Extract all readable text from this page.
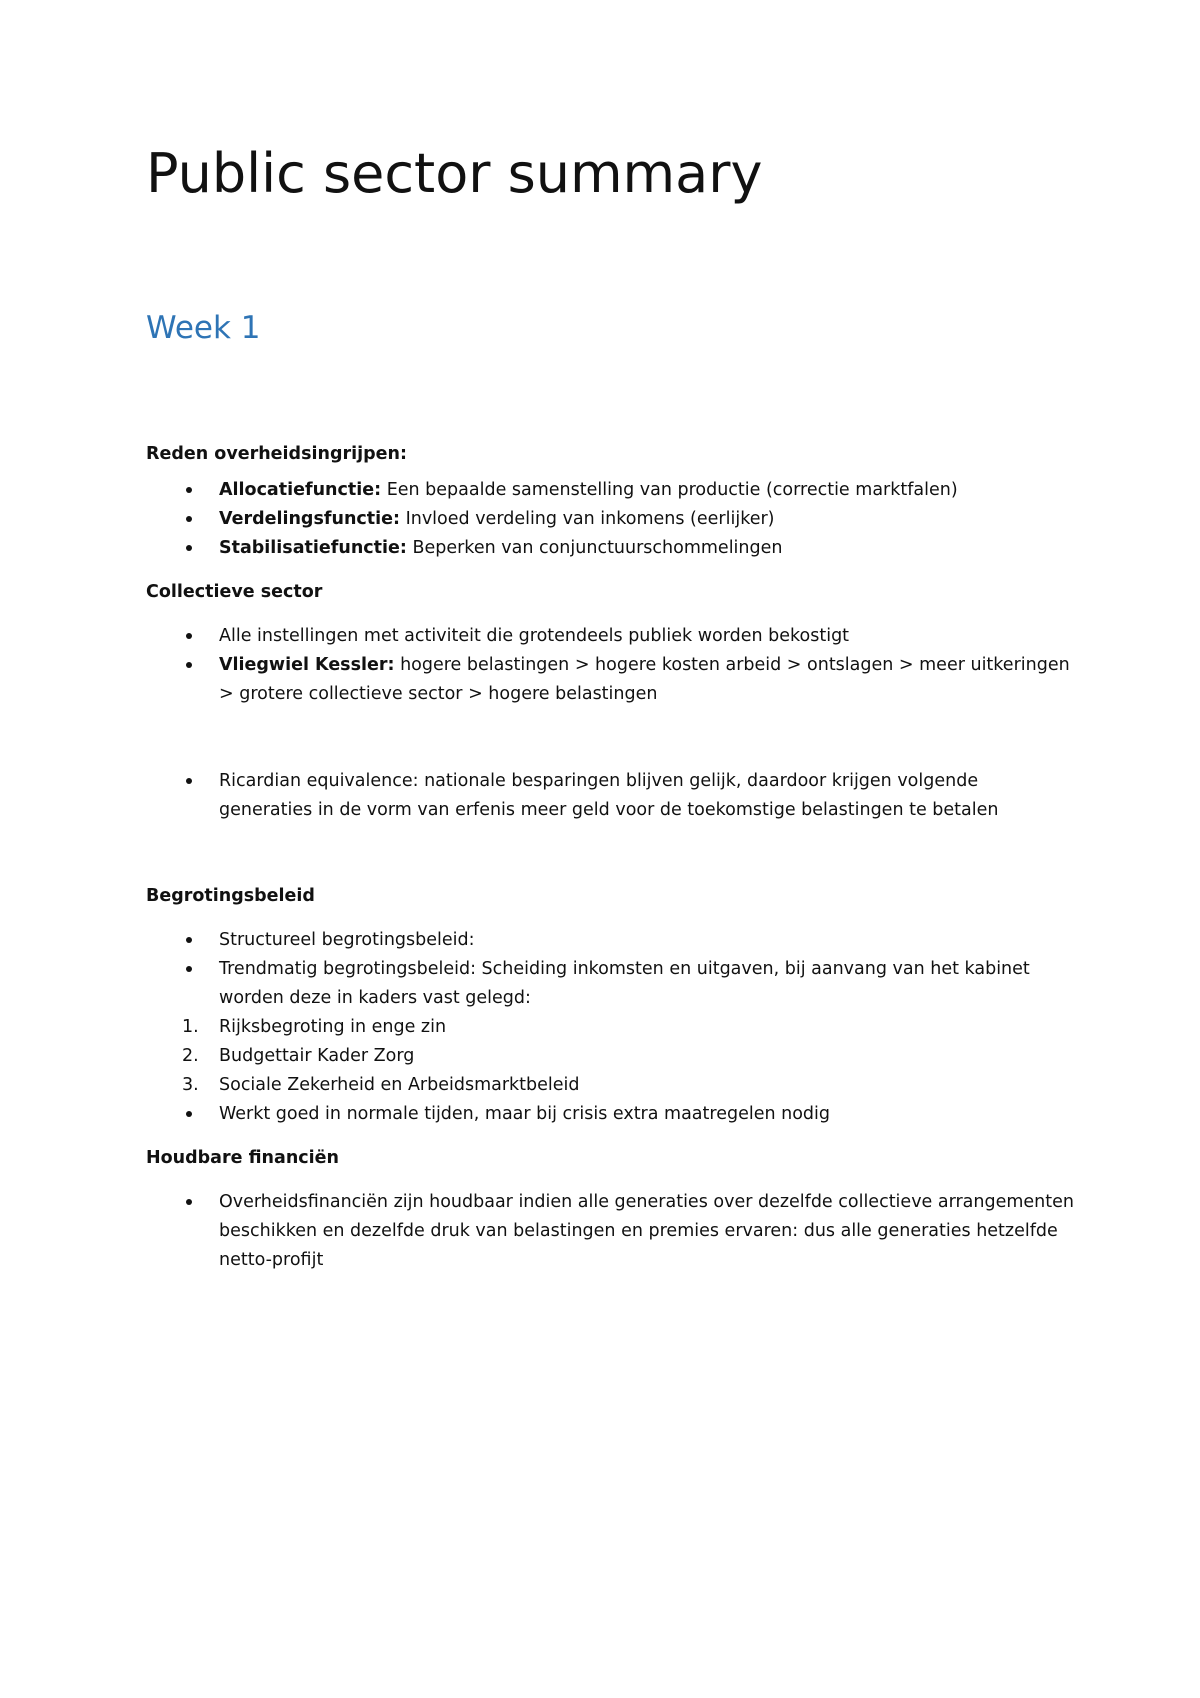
Public sector summary
Week 1

Reden overheidsingrijpen:

Allocatiefunctie: Een bepaalde samenstelling van productie (correctie marktfalen)
Verdelingsfunctie: Invloed verdeling van inkomens (eerlijker)
Stabilisatiefunctie: Beperken van conjunctuurschommelingen

Collectieve sector

Alle instellingen met activiteit die grotendeels publiek worden bekostigt
Vliegwiel Kessler: hogere belastingen > hogere kosten arbeid > ontslagen > meer uitkeringen > grotere collectieve sector > hogere belastingen
Ricardian equivalence: nationale besparingen blijven gelijk, daardoor krijgen volgende generaties in de vorm van erfenis meer geld voor de toekomstige belastingen te betalen

Begrotingsbeleid

Structureel begrotingsbeleid:
Trendmatig begrotingsbeleid: Scheiding inkomsten en uitgaven, bij aanvang van het kabinet worden deze in kaders vast gelegd:
1. Rijksbegroting in enge zin
2. Budgettair Kader Zorg
3. Sociale Zekerheid en Arbeidsmarktbeleid
Werkt goed in normale tijden, maar bij crisis extra maatregelen nodig

Houdbare financiën

Overheidsfinanciën zijn houdbaar indien alle generaties over dezelfde collectieve arrangementen beschikken en dezelfde druk van belastingen en premies ervaren: dus alle generaties hetzelfde netto-profijt
